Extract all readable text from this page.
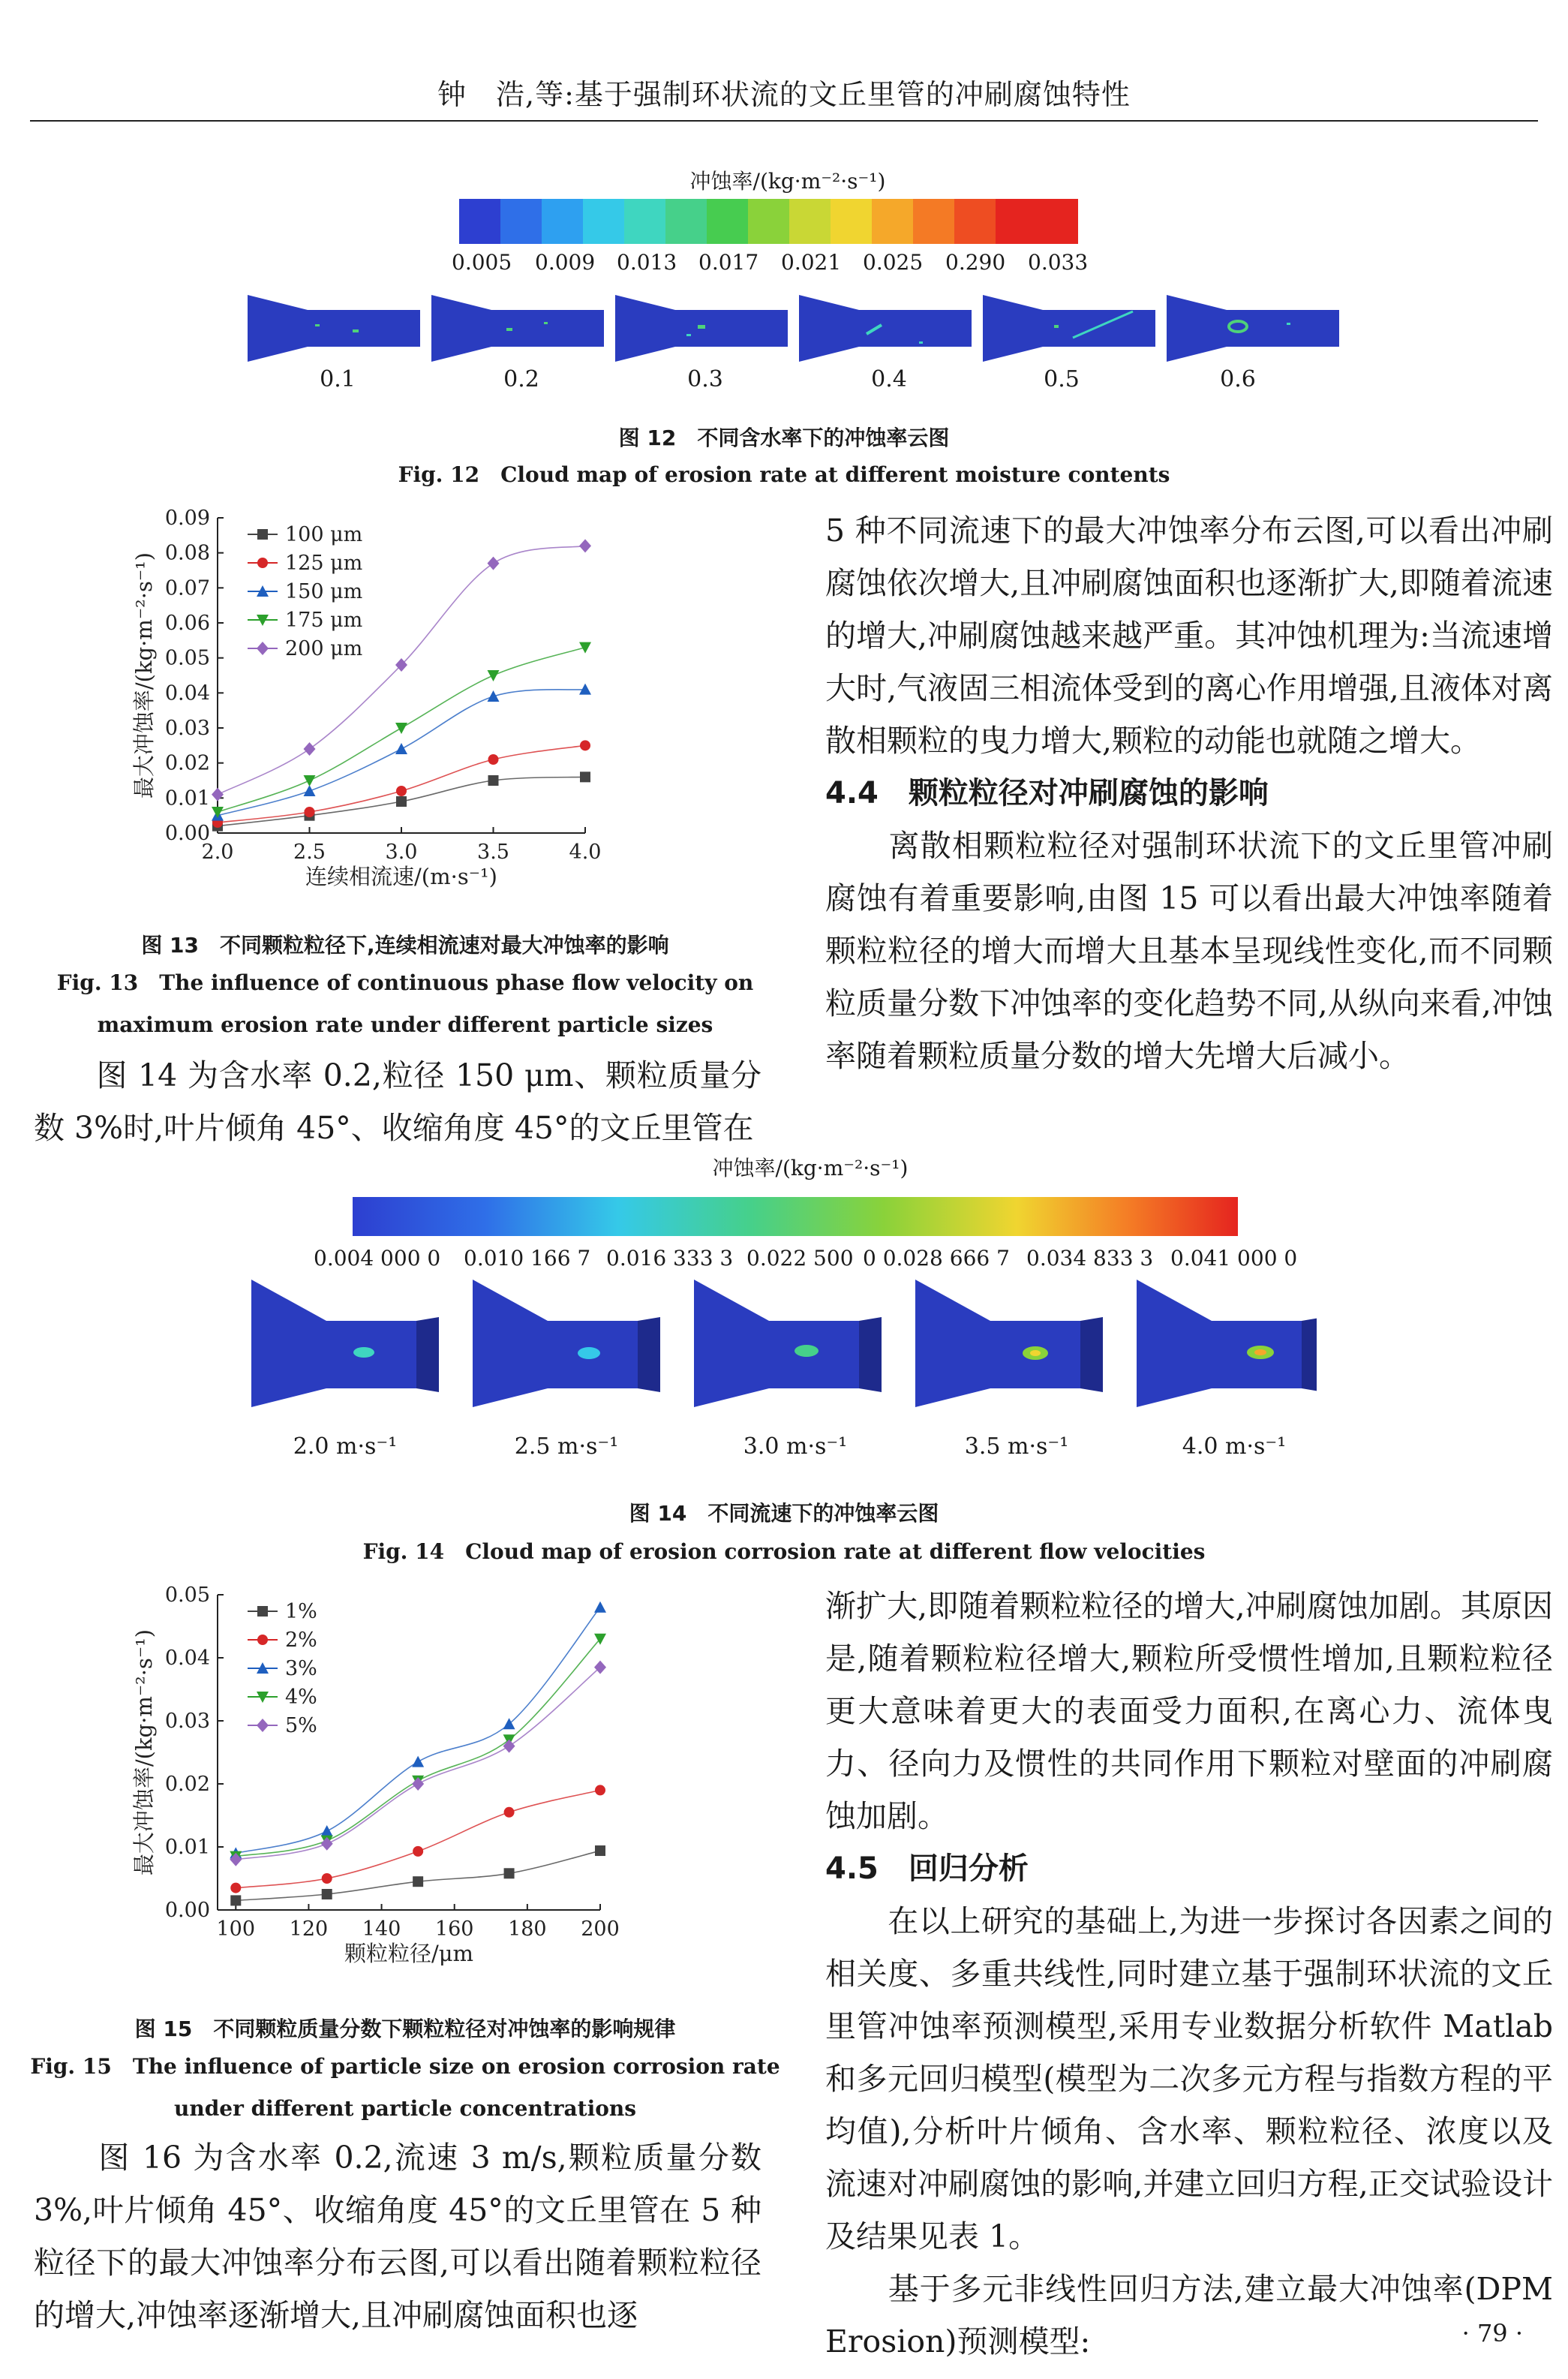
钟　浩,等:基于强制环状流的文丘里管的冲刷腐蚀特性
冲蚀率/(kg·m⁻²·s⁻¹)
0.005 0.009 0.013 0.017 0.021 0.025 0.290 0.033
0.1	0.2	0.3	0.4	0.5	0.6
图 12　不同含水率下的冲蚀率云图
Fig. 12　Cloud map of erosion rate at different moisture contents
0.00
0.01
0.02
0.03
0.04
0.05
0.06
0.07
0.08
0.09
2.0	2.5	3.0	3.5	4.0
连续相流速/(m·s⁻¹)
最大冲蚀率/(kg·m⁻²·s⁻¹)
100 μm
125 μm
150 μm
175 μm
200 μm
图 13　不同颗粒粒径下,连续相流速对最大冲蚀率的影响
Fig. 13　The influence of continuous phase flow velocity on
maximum erosion rate under different particle sizes

　　图 14 为含水率 0.2,粒径 150 μm、颗粒质量分数 3%时,叶片倾角 45°、收缩角度 45°的文丘里管在

5 种不同流速下的最大冲蚀率分布云图,可以看出冲刷腐蚀依次增大,且冲刷腐蚀面积也逐渐扩大,即随着流速的增大,冲刷腐蚀越来越严重。其冲蚀机理为:当流速增大时,气液固三相流体受到的离心作用增强,且液体对离散相颗粒的曳力增大,颗粒的动能也就随之增大。

4.4　颗粒粒径对冲刷腐蚀的影响

　　离散相颗粒粒径对强制环状流下的文丘里管冲刷腐蚀有着重要影响,由图 15 可以看出最大冲蚀率随着颗粒粒径的增大而增大且基本呈现线性变化,而不同颗粒质量分数下冲蚀率的变化趋势不同,从纵向来看,冲蚀率随着颗粒质量分数的增大先增大后减小。

冲蚀率/(kg·m⁻²·s⁻¹)
0.004 000 0 0.010 166 7 0.016 333 3 0.022 500 0 0.028 666 7 0.034 833 3 0.041 000 0
2.0 m·s⁻¹	2.5 m·s⁻¹	3.0 m·s⁻¹	3.5 m·s⁻¹	4.0 m·s⁻¹
图 14　不同流速下的冲蚀率云图
Fig. 14　Cloud map of erosion corrosion rate at different flow velocities
0.00
0.01
0.02
0.03
0.04
0.05
100 120 140 160 180 200
颗粒粒径/μm
最大冲蚀率/(kg·m⁻²·s⁻¹)
1%
2%
3%
4%
5%
图 15　不同颗粒质量分数下颗粒粒径对冲蚀率的影响规律
Fig. 15　The influence of particle size on erosion corrosion rate
under different particle concentrations

　　图 16 为含水率 0.2,流速 3 m/s,颗粒质量分数 3%,叶片倾角 45°、收缩角度 45°的文丘里管在 5 种粒径下的最大冲蚀率分布云图,可以看出随着颗粒粒径的增大,冲蚀率逐渐增大,且冲刷腐蚀面积也逐

渐扩大,即随着颗粒粒径的增大,冲刷腐蚀加剧。其原因是,随着颗粒粒径增大,颗粒所受惯性增加,且颗粒粒径更大意味着更大的表面受力面积,在离心力、流体曳力、径向力及惯性的共同作用下颗粒对壁面的冲刷腐蚀加剧。

4.5　回归分析

　　在以上研究的基础上,为进一步探讨各因素之间的相关度、多重共线性,同时建立基于强制环状流的文丘里管冲蚀率预测模型,采用专业数据分析软件 Matlab 和多元回归模型(模型为二次多元方程与指数方程的平均值),分析叶片倾角、含水率、颗粒粒径、浓度以及流速对冲刷腐蚀的影响,并建立回归方程,正交试验设计及结果见表 1。

　　基于多元非线性回归方法,建立最大冲蚀率(DPM Erosion)预测模型:	· 79 ·
